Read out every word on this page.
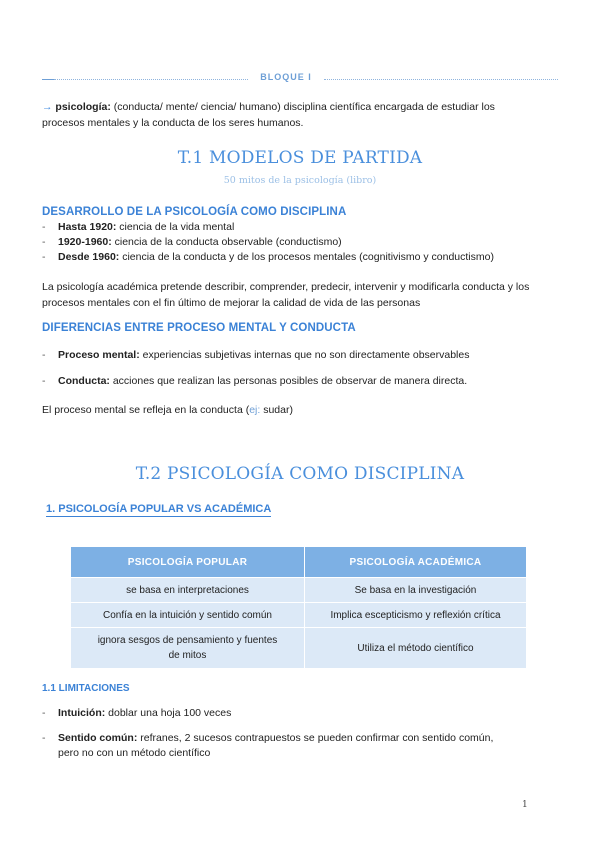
BLOQUE I
→ psicología: (conducta/ mente/ ciencia/ humano) disciplina científica encargada de estudiar los
procesos mentales y la conducta de los seres humanos.
T.1 MODELOS DE PARTIDA
50 mitos de la psicología (libro)
DESARROLLO DE LA PSICOLOGÍA COMO DISCIPLINA
- Hasta 1920: ciencia de la vida mental
- 1920-1960: ciencia de la conducta observable (conductismo)
- Desde 1960: ciencia de la conducta y de los procesos mentales (cognitivismo y conductismo)
La psicología académica pretende describir, comprender, predecir, intervenir y modificarla conducta y los
procesos mentales con el fin último de mejorar la calidad de vida de las personas
DIFERENCIAS ENTRE PROCESO MENTAL Y CONDUCTA
- Proceso mental: experiencias subjetivas internas que no son directamente observables
- Conducta: acciones que realizan las personas posibles de observar de manera directa.
El proceso mental se refleja en la conducta (ej: sudar)
T.2 PSICOLOGÍA COMO DISCIPLINA
1. PSICOLOGÍA POPULAR VS ACADÉMICA
PSICOLOGÍA POPULAR	PSICOLOGÍA ACADÉMICA
se basa en interpretaciones	Se basa en la investigación
Confía en la intuición y sentido común	Implica escepticismo y reflexión crítica

ignora sesgos de pensamiento y fuentes de mitos	Utiliza el método científico
1.1 LIMITACIONES
- Intuición: doblar una hoja 100 veces
- Sentido común: refranes, 2 sucesos contrapuestos se pueden confirmar con sentido común,
pero no con un método científico
1
